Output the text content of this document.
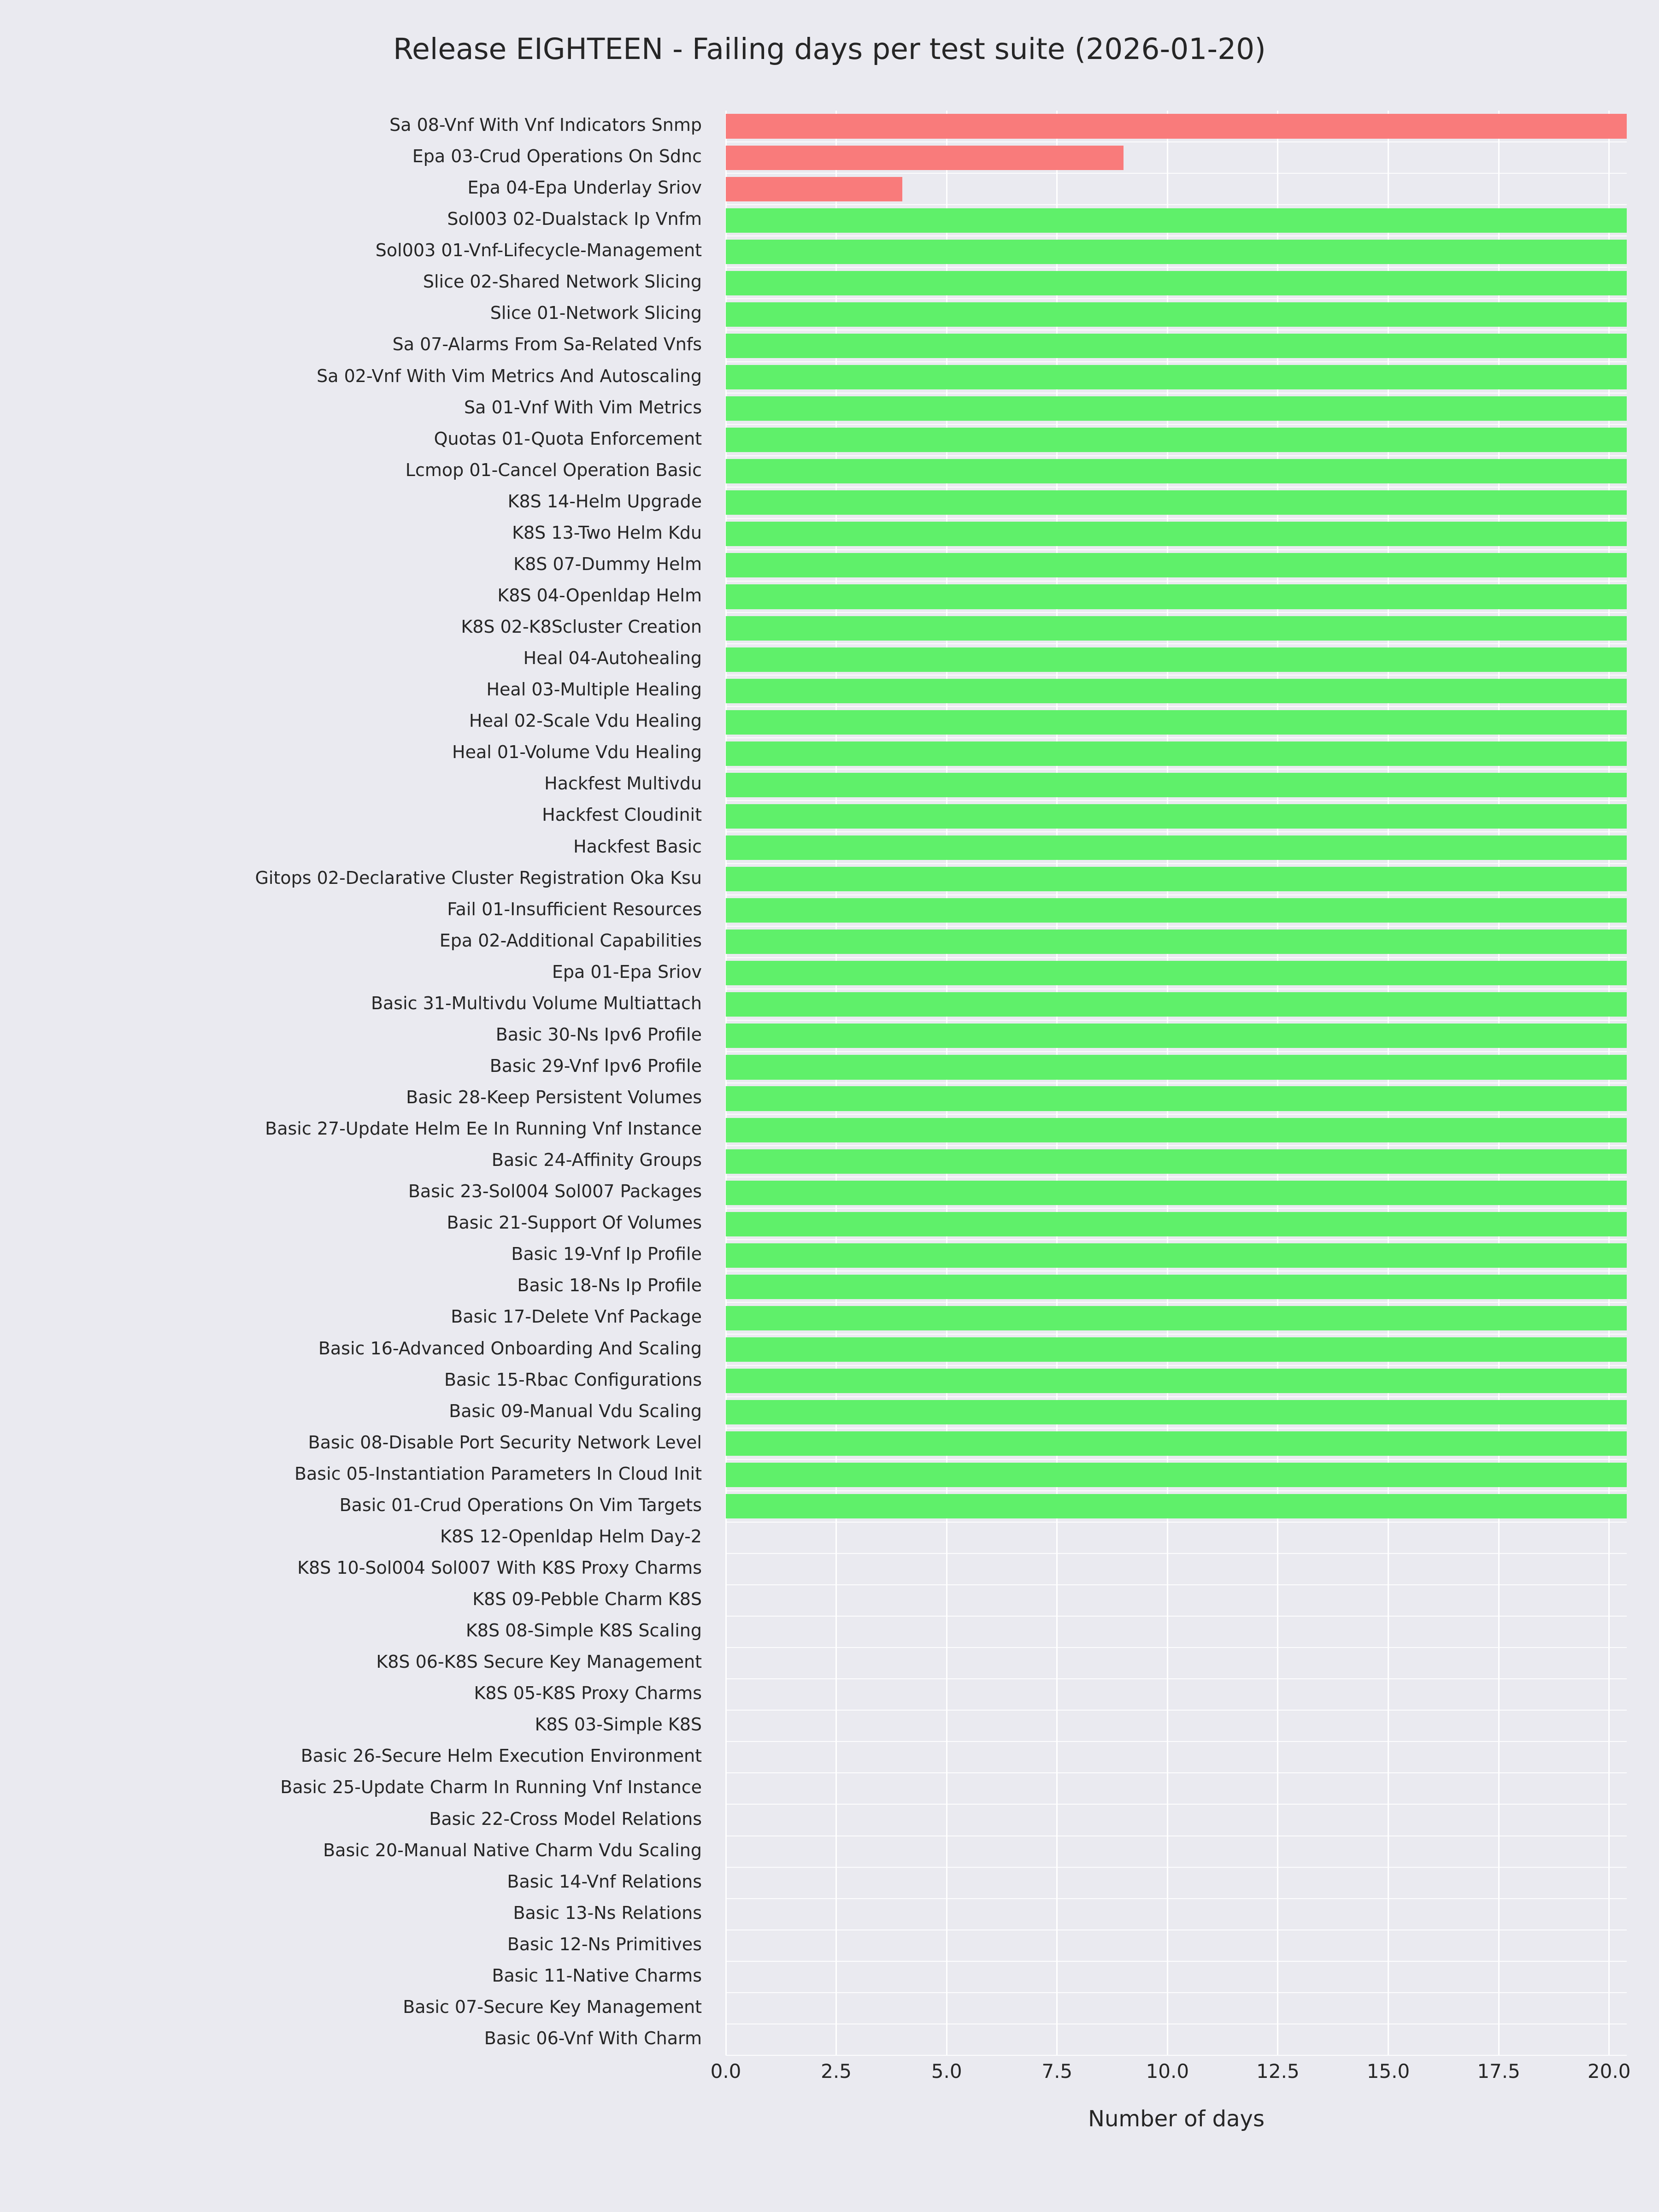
Release EIGHTEEN - Failing days per test suite (2026-01-20)
Sa 08-Vnf With Vnf Indicators Snmp
Epa 03-Crud Operations On Sdnc
Epa 04-Epa Underlay Sriov
Sol003 02-Dualstack Ip Vnfm
Sol003 01-Vnf-Lifecycle-Management
Slice 02-Shared Network Slicing
Slice 01-Network Slicing
Sa 07-Alarms From Sa-Related Vnfs
Sa 02-Vnf With Vim Metrics And Autoscaling
Sa 01-Vnf With Vim Metrics
Quotas 01-Quota Enforcement
Lcmop 01-Cancel Operation Basic
K8S 14-Helm Upgrade
K8S 13-Two Helm Kdu
K8S 07-Dummy Helm
K8S 04-Openldap Helm
K8S 02-K8Scluster Creation
Heal 04-Autohealing
Heal 03-Multiple Healing
Heal 02-Scale Vdu Healing
Heal 01-Volume Vdu Healing
Hackfest Multivdu
Hackfest Cloudinit
Hackfest Basic
Gitops 02-Declarative Cluster Registration Oka Ksu
Fail 01-Insufficient Resources
Epa 02-Additional Capabilities
Epa 01-Epa Sriov
Basic 31-Multivdu Volume Multiattach
Basic 30-Ns Ipv6 Profile
Basic 29-Vnf Ipv6 Profile
Basic 28-Keep Persistent Volumes
Basic 27-Update Helm Ee In Running Vnf Instance
Basic 24-Affinity Groups
Basic 23-Sol004 Sol007 Packages
Basic 21-Support Of Volumes
Basic 19-Vnf Ip Profile
Basic 18-Ns Ip Profile
Basic 17-Delete Vnf Package
Basic 16-Advanced Onboarding And Scaling
Basic 15-Rbac Configurations
Basic 09-Manual Vdu Scaling
Basic 08-Disable Port Security Network Level
Basic 05-Instantiation Parameters In Cloud Init
Basic 01-Crud Operations On Vim Targets
K8S 12-Openldap Helm Day-2
K8S 10-Sol004 Sol007 With K8S Proxy Charms
K8S 09-Pebble Charm K8S
K8S 08-Simple K8S Scaling
K8S 06-K8S Secure Key Management
K8S 05-K8S Proxy Charms
K8S 03-Simple K8S
Basic 26-Secure Helm Execution Environment
Basic 25-Update Charm In Running Vnf Instance
Basic 22-Cross Model Relations
Basic 20-Manual Native Charm Vdu Scaling
Basic 14-Vnf Relations
Basic 13-Ns Relations
Basic 12-Ns Primitives
Basic 11-Native Charms
Basic 07-Secure Key Management
Basic 06-Vnf With Charm
0.0	2.5	5.0	7.5	10.0	12.5	15.0	17.5	20.0
Number of days
